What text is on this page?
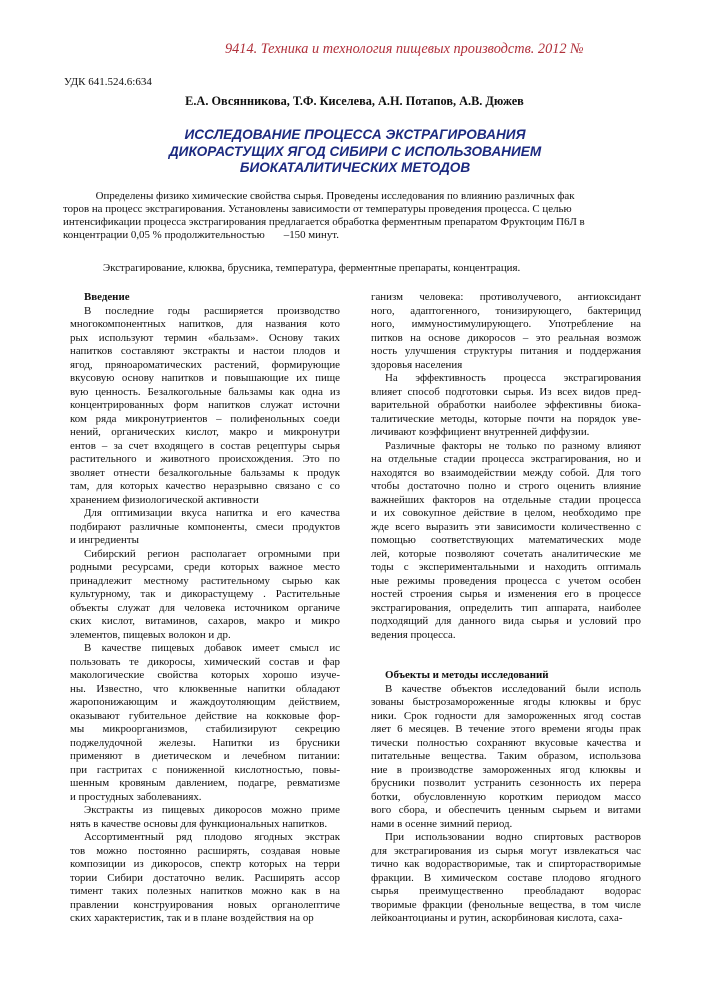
9414. Техника и технология пищевых производств. 2012 №
УДК 641.524.6:634
Е.А. Овсянникова, Т.Ф. Киселева, А.Н. Потапов, А.В. Дюжев
ИССЛЕДОВАНИЕ ПРОЦЕССА ЭКСТРАГИРОВАНИЯ
ДИКОРАСТУЩИХ ЯГОД СИБИРИ С ИСПОЛЬЗОВАНИЕМ
БИОКАТАЛИТИЧЕСКИХ МЕТОДОВ
Определены физико химические свойства сырья. Проведены исследования по влиянию различных фак
торов на процесс экстрагирования. Установлены зависимости от температуры проведения процесса. С целью
интенсификации процесса экстрагирования предлагается обработка ферментным препаратом Фруктоцим П6Л в
концентрации 0,05 % продолжительностью       –150 минут.
Экстрагирование, клюква, брусника, температура, ферментные препараты, концентрация.

Введение

В последние годы расширяется производство

многокомпонентных напитков, для названия кото

рых используют термин «бальзам». Основу таких

напитков составляют экстракты и настои плодов и

ягод, пряноароматических растений, формирующие

вкусовую основу напитков и повышающие их пище

вую ценность. Безалкогольные бальзамы как одна из

концентрированных форм напитков служат источни

ком ряда микронутриентов – полифенольных соеди

нений, органических кислот, макро и микронутри

ентов – за счет входящего в состав рецептуры сырья

растительного и животного происхождения. Это по

зволяет отнести безалкогольные бальзамы к продук

там, для которых качество неразрывно связано с со

хранением физиологической активности

Для оптимизации вкуса напитка и его качества

подбирают различные компоненты, смеси продуктов

и ингредиенты

Сибирский регион располагает огромными при

родными ресурсами, среди которых важное место

принадлежит местному растительному сырью как

культурному, так и дикорастущему . Растительные

объекты служат для человека источником органиче

ских кислот, витаминов, сахаров, макро и микро

элементов, пищевых волокон и др.

В качестве пищевых добавок имеет смысл ис

пользовать те дикоросы, химический состав и фар

макологические свойства которых хорошо изуче-

ны. Известно, что клюквенные напитки обладают

жаропонижающим и жаждоутоляющим действием,

оказывают губительное действие на кокковые фор-

мы микроорганизмов, стабилизируют секрецию

поджелудочной железы. Напитки из брусники

применяют в диетическом и лечебном питании:

при гастритах с пониженной кислотностью, повы-

шенным кровяным давлением, подагре, ревматизме

и простудных заболеваниях.

Экстракты из пищевых дикоросов можно приме

нять в качестве основы для функциональных напитков.

Ассортиментный ряд плодово ягодных экстрак

тов можно постоянно расширять, создавая новые

композиции из дикоросов, спектр которых на терри

тории Сибири достаточно велик. Расширять ассор

тимент таких полезных напитков можно как в на

правлении конструирования новых органолептиче

ских характеристик, так и в плане воздействия на ор

ганизм человека: противолучевого, антиоксидант

ного, адаптогенного, тонизирующего, бактерицид

ного, иммуностимулирующего. Употребление на

питков на основе дикоросов – это реальная возмож

ность улучшения структуры питания и поддержания

здоровья населения

На эффективность процесса экстрагирования

влияет способ подготовки сырья. Из всех видов пред-

варительной обработки наиболее эффективны биока-

талитические методы, которые почти на порядок уве-

личивают коэффициент внутренней диффузии.

Различные факторы не только по разному влияют

на отдельные стадии процесса экстрагирования, но и

находятся во взаимодействии между собой. Для того

чтобы достаточно полно и строго оценить влияние

важнейших факторов на отдельные стадии процесса

и их совокупное действие в целом, необходимо пре

жде всего выразить эти зависимости количественно с

помощью соответствующих математических моде

лей, которые позволяют сочетать аналитические ме

тоды с экспериментальными и находить оптималь

ные режимы проведения процесса с учетом особен

ностей строения сырья и изменения его в процессе

экстрагирования, определить тип аппарата, наиболее

подходящий для данного вида сырья и условий про

ведения процесса.

Объекты и методы исследований

В качестве объектов исследований были исполь

зованы быстрозамороженные ягоды клюквы и брус

ники. Срок годности для замороженных ягод состав

ляет 6 месяцев. В течение этого времени ягоды прак

тически полностью сохраняют вкусовые качества и

питательные вещества. Таким образом, использова

ние в производстве замороженных ягод клюквы и

брусники позволит устранить сезонность их перера

ботки, обусловленную коротким периодом массо

вого сбора, и обеспечить ценным сырьем и витами

нами в осенне зимний период.

При использовании водно спиртовых растворов

для экстрагирования из сырья могут извлекаться час

тично как водорастворимые, так и спирторастворимые

фракции. В химическом составе плодово ягодного

сырья преимущественно преобладают водорас

творимые фракции (фенольные вещества, в том числе

лейкоантоцианы и рутин, аскорбиновая кислота, саха-
